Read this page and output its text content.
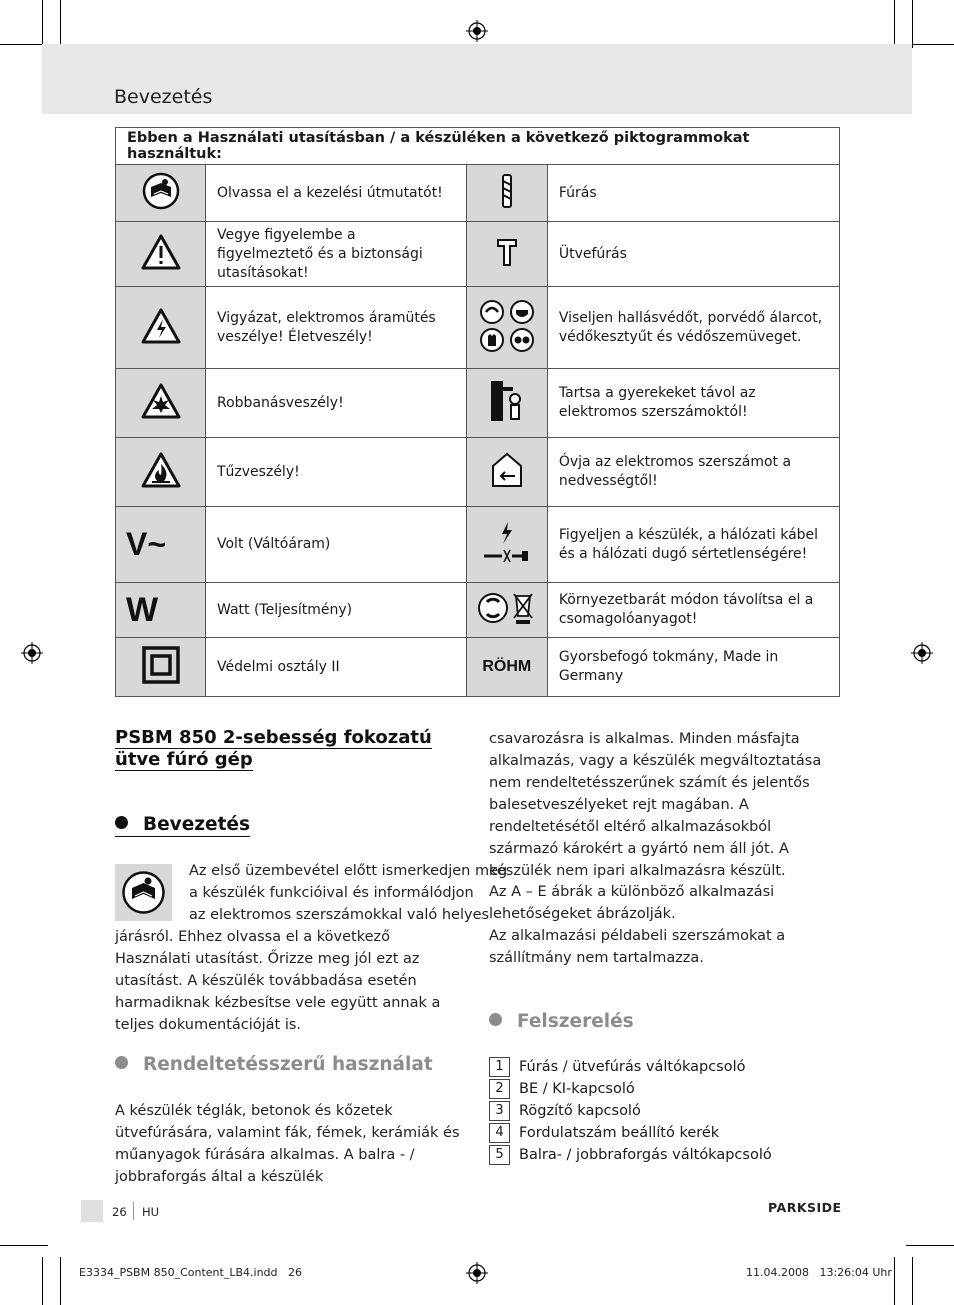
Bevezetés
Ebben a Használati utasításban / a készüléken a következő piktogrammokat használtuk:			
	Olvassa el a kezelési útmutatót!		Fúrás
	Vegye figyelembe a figyelmeztető és a biztonsági utasításokat!		Ütvefúrás
	Vigyázat, elektromos áramütés veszélye! Életveszély!		Viseljen hallásvédőt, porvédő álarcot, védőkesztyűt és védőszemüveget.
	Robbanásveszély!		Tartsa a gyerekeket távol az elektromos szerszámoktól!
	Tűzveszély!		Óvja az elektromos szerszámot a nedvességtől!
V~	Volt (Váltóáram)		Figyeljen a készülék, a hálózati kábel és a hálózati dugó sértetlenségére!
W	Watt (Teljesítmény)		Környezetbarát módon távolítsa el a csomagolóanyagot!
	Védelmi osztály II	RÖHM	Gyorsbefogó tokmány, Made in Germany
PSBM 850 2-sebesség fokozatú ütve fúró gép
Bevezetés
Az első üzembevétel előtt ismerkedjen meg
a készülék funkcióival és informálódjon
az elektromos szerszámokkal való helyes
járásról. Ehhez olvassa el a következő Használati utasítást. Őrizze meg jól ezt az utasítást. A készülék továbbadása esetén harmadiknak kézbesítse vele együtt annak a teljes dokumentációját is.
Rendeltetésszerű használat
A készülék téglák, betonok és kőzetek ütvefúrására, valamint fák, fémek, kerámiák és műanyagok fúrására alkalmas. A balra - / jobbraforgás által a készülék
csavarozásra is alkalmas. Minden másfajta alkalmazás, vagy a készülék megváltoztatása nem rendeltetésszerűnek számít és jelentős balesetveszélyeket rejt magában. A rendeltetésétől eltérő alkalmazásokból származó károkért a gyártó nem áll jót. A készülék nem ipari alkalmazásra készült.
Az A – E ábrák a különböző alkalmazási lehetőségeket ábrázolják.
Az alkalmazási példabeli szerszámokat a szállítmány nem tartalmazza.
Felszerelés
1 Fúrás / ütvefúrás váltókapcsoló
2 BE / KI-kapcsoló
3 Rögzítő kapcsoló
4 Fordulatszám beállító kerék
5 Balra- / jobbraforgás váltókapcsoló
26 HU	PARKSIDE
E3334_PSBM 850_Content_LB4.indd   26	11.04.2008   13:26:04 Uhr
